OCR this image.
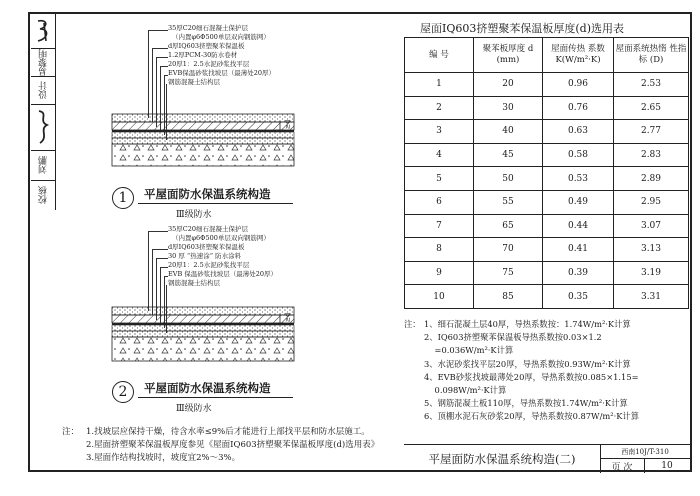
易黎明
设计
刘鹏
校核
35厚C20细石混凝土保护层
（内置φ6Φ500单层双向钢筋网）
d厚IQ603挤塑聚苯保温板
1.2厚PCM-30防水卷材
20厚1：2.5水泥砂浆找平层
EVB保温砂浆找坡层（最薄处20厚）
钢筋混凝土结构层
≥d
1 平屋面防水保温系统构造
Ⅲ级防水
35厚C20细石混凝土保护层
（内置φ6Φ500单层双向钢筋网）
d厚IQ603挤塑聚苯保温板
30 厚 “热速涂” 防水涂料
20厚1：2.5水泥砂浆找平层
EVB 保温砂浆找坡层（最薄处20厚）
钢筋混凝土结构层
≥d
2 平屋面防水保温系统构造
Ⅲ级防水
注： 1.找坡层应保持干燥，待含水率≤9%后才能进行上部找平层和防水层施工。
2.屋面挤塑聚苯保温板厚度参见《屋面IQ603挤塑聚苯保温板厚度(d)选用表》
3.屋面作结构找坡时，坡度宜2%～3%。
屋面IQ603挤塑聚苯保温板厚度(d)选用表
编 号	聚苯板厚度 d (mm)	屋面传热 系数K(W/m²·K)	屋面系统热惰 性指标 (D)
1	20	0.96	2.53
2	30	0.76	2.65
3	40	0.63	2.77
4	45	0.58	2.83
5	50	0.53	2.89
6	55	0.49	2.95
7	65	0.44	3.07
8	70	0.41	3.13
9	75	0.39	3.19
10	85	0.35	3.31
注： 1、细石混凝土层40厚，导热系数按：1.74W/m²·K计算
2、IQ603挤塑聚苯保温板导热系数按0.03×1.2
=0.036W/m²·K计算
3、水泥砂浆找平层20厚，导热系数按0.93W/m²·K计算
4、EVB砂浆找坡最薄处20厚，导热系数按0.085×1.15=
0.098W/m²·K计算
5、钢筋混凝土板110厚，导热系数按1.74W/m²·K计算
6、顶棚水泥石灰砂浆20厚，导热系数按0.87W/m²·K计算
平屋面防水保温系统构造(二)
西南10J/T-310
页 次	10
